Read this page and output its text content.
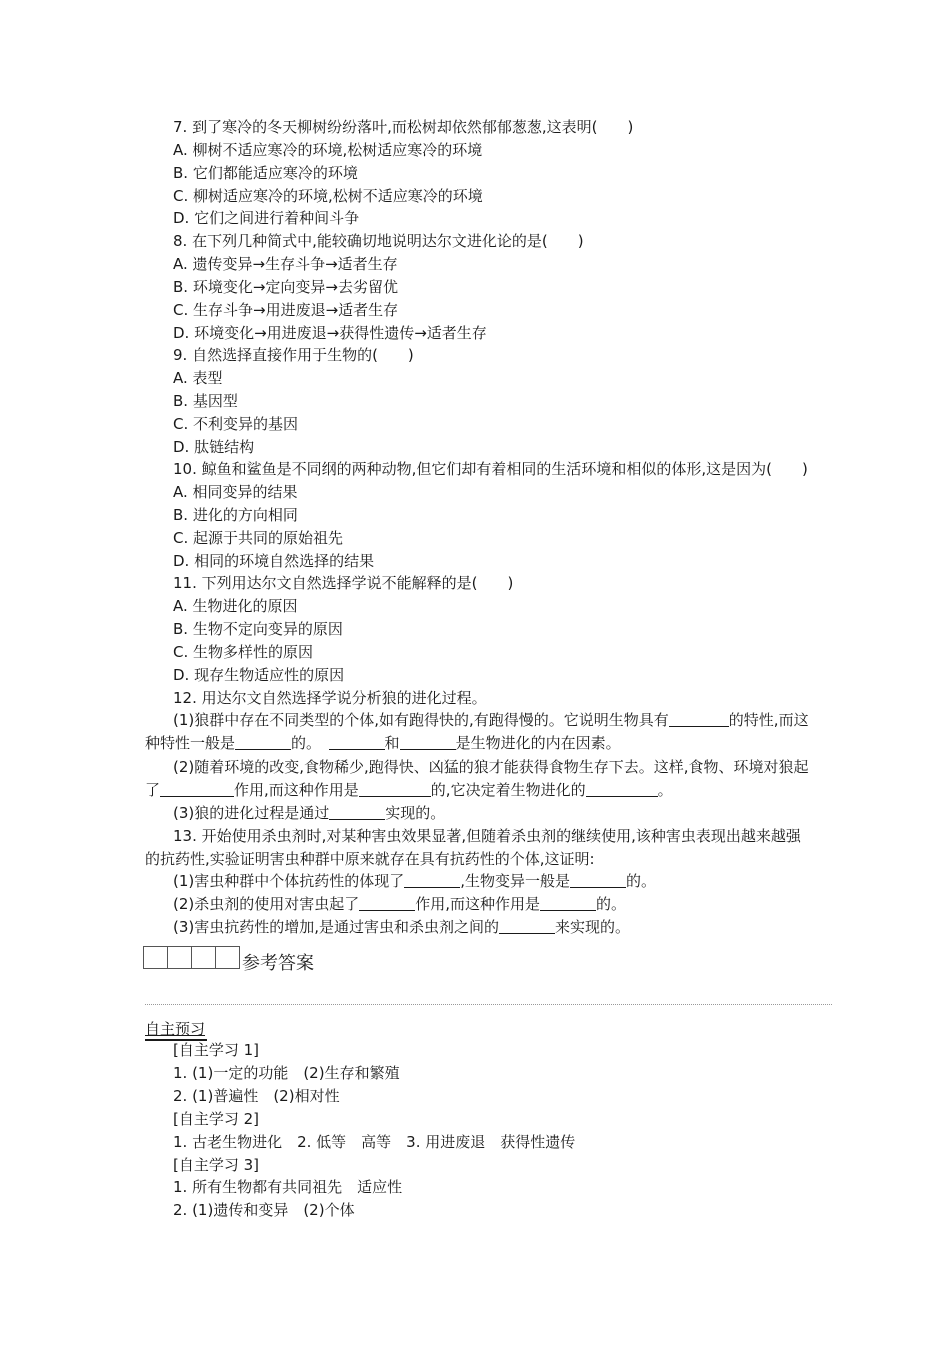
7. 到了寒冷的冬天柳树纷纷落叶,而松树却依然郁郁葱葱,这表明(　　)
A. 柳树不适应寒冷的环境,松树适应寒冷的环境
B. 它们都能适应寒冷的环境
C. 柳树适应寒冷的环境,松树不适应寒冷的环境
D. 它们之间进行着种间斗争
8. 在下列几种简式中,能较确切地说明达尔文进化论的是(　　)
A. 遗传变异→生存斗争→适者生存
B. 环境变化→定向变异→去劣留优
C. 生存斗争→用进废退→适者生存
D. 环境变化→用进废退→获得性遗传→适者生存
9. 自然选择直接作用于生物的(　　)
A. 表型
B. 基因型
C. 不利变异的基因
D. 肽链结构
10. 鲸鱼和鲨鱼是不同纲的两种动物,但它们却有着相同的生活环境和相似的体形,这是因为(　　)
A. 相同变异的结果
B. 进化的方向相同
C. 起源于共同的原始祖先
D. 相同的环境自然选择的结果
11. 下列用达尔文自然选择学说不能解释的是(　　)
A. 生物进化的原因
B. 生物不定向变异的原因
C. 生物多样性的原因
D. 现存生物适应性的原因
12. 用达尔文自然选择学说分析狼的进化过程。
(1)狼群中存在不同类型的个体,如有跑得快的,有跑得慢的。它说明生物具有	的特性,而这
种特性一般是	的。　	和	是生物进化的内在因素。
(2)随着环境的改变,食物稀少,跑得快、凶猛的狼才能获得食物生存下去。这样,食物、环境对狼起
了	作用,而这种作用是	的,它决定着生物进化的	。
(3)狼的进化过程是通过	实现的。
13. 开始使用杀虫剂时,对某种害虫效果显著,但随着杀虫剂的继续使用,该种害虫表现出越来越强
的抗药性,实验证明害虫种群中原来就存在具有抗药性的个体,这证明:
(1)害虫种群中个体抗药性的体现了	,生物变异一般是	的。
(2)杀虫剂的使用对害虫起了	作用,而这种作用是	的。
(3)害虫抗药性的增加,是通过害虫和杀虫剂之间的	来实现的。
参考答案
自主预习
[自主学习 1]
1. (1)一定的功能　(2)生存和繁殖
2. (1)普遍性　(2)相对性
[自主学习 2]
1. 古老生物进化　2. 低等　高等　3. 用进废退　获得性遗传
[自主学习 3]
1. 所有生物都有共同祖先　适应性
2. (1)遗传和变异　(2)个体
